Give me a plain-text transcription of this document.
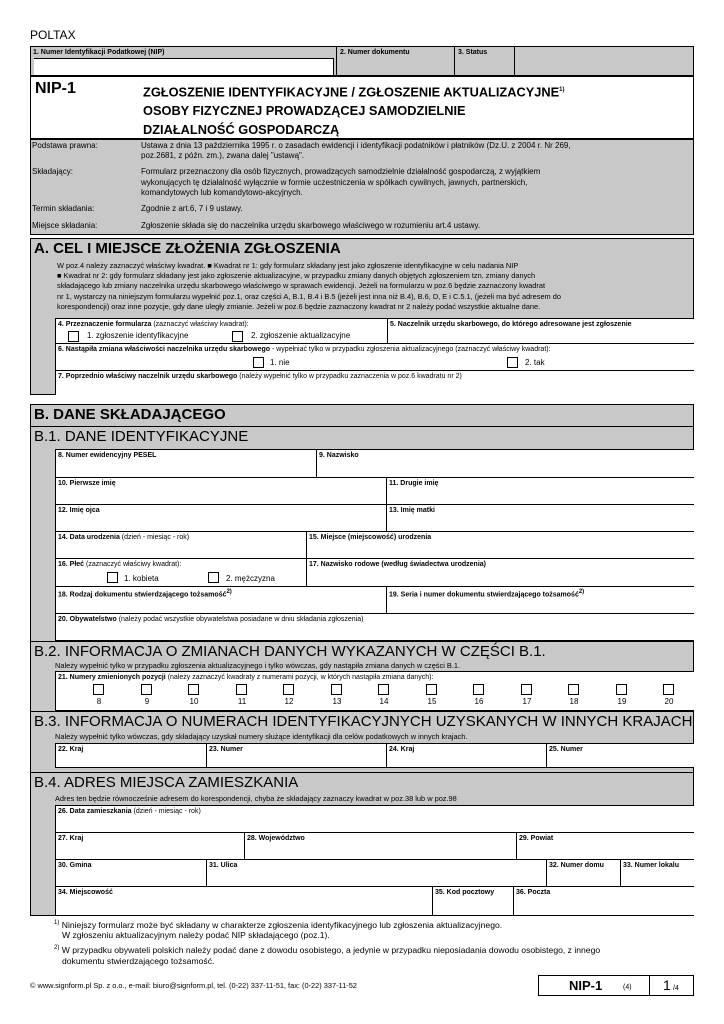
POLTAX
1. Numer Identyfikacji Podatkowej (NIP)	2. Numer dokumentu	3. Status
NIP-1	ZGŁOSZENIE IDENTYFIKACYJNE / ZGŁOSZENIE AKTUALIZACYJNE$^{1)}$
OSOBY FIZYCZNEJ PROWADZĄCEJ SAMODZIELNIE
DZIAŁALNOŚĆ GOSPODARCZĄ
Podstawa prawna:	Ustawa z dnia 13 października 1995 r. o zasadach ewidencji i identyfikacji podatników i płatników (Dz.U. z 2004 r. Nr 269,
poz.2681, z późn. zm.), zwana dalej "ustawą".
Składający:	Formularz przeznaczony dla osób fizycznych, prowadzących samodzielnie działalność gospodarczą, z wyjątkiem
wykonujących tę działalność wyłącznie w formie uczestniczenia w spółkach cywilnych, jawnych, partnerskich,
komandytowych lub komandytowo-akcyjnych.
Termin składania:	Zgodnie z art.6, 7 i 9 ustawy.
Miejsce składania:	Zgłoszenie składa się do naczelnika urzędu skarbowego właściwego w rozumieniu art.4 ustawy.
A. CEL I MIEJSCE ZŁOŻENIA ZGŁOSZENIA
W poz.4 należy zaznaczyć właściwy kwadrat. ■ Kwadrat nr 1: gdy formularz składany jest jako zgłoszenie identyfikacyjne w celu nadania NIP
■ Kwadrat nr 2: gdy formularz składany jest jako zgłoszenie aktualizacyjne, w przypadku zmiany danych objętych zgłoszeniem tzn. zmiany danych
składającego lub zmiany naczelnika urzędu skarbowego właściwego w sprawach ewidencji. Jeżeli na formularzu w poz.6 będzie zaznaczony kwadrat
nr 1, wystarczy na niniejszym formularzu wypełnić poz.1, oraz części A, B.1, B.4 i B.5 (jeżeli jest inna niż B.4), B.6, D, E i C.5.1, (jeżeli ma być adresem do
korespondencji) oraz inne pozycje, gdy dane uległy zmianie. Jeżeli w poz.6 będzie zaznaczony kwadrat nr 2 należy podać wszystkie aktualne dane.
4. Przeznaczenie formularza (zaznaczyć właściwy kwadrat):
1. zgłoszenie identyfikacyjne	2. zgłoszenie aktualizacyjne
5. Naczelnik urzędu skarbowego, do którego adresowane jest zgłoszenie
6. Nastąpiła zmiana właściwości naczelnika urzędu skarbowego - wypełniać tylko w przypadku zgłoszenia aktualizacyjnego (zaznaczyć właściwy kwadrat):
1. nie	2. tak
7. Poprzednio właściwy naczelnik urzędu skarbowego (należy wypełnić tylko w przypadku zaznaczenia w poz.6 kwadratu nr 2)
B. DANE SKŁADAJĄCEGO
B.1. DANE IDENTYFIKACYJNE
8. Numer ewidencyjny PESEL	9. Nazwisko
10. Pierwsze imię	11. Drugie imię
12. Imię ojca	13. Imię matki
14. Data urodzenia (dzień - miesiąc - rok)	15. Miejsce (miejscowość) urodzenia
16. Płeć (zaznaczyć właściwy kwadrat):
1. kobieta	2. mężczyzna
17. Nazwisko rodowe (według świadectwa urodzenia)
18. Rodzaj dokumentu stwierdzającego tożsamość2)	19. Seria i numer dokumentu stwierdzającego tożsamość2)
20. Obywatelstwo (należy podać wszystkie obywatelstwa posiadane w dniu składania zgłoszenia)
B.2. INFORMACJA O ZMIANACH DANYCH WYKAZANYCH W CZĘŚCI B.1.
Należy wypełnić tylko w przypadku zgłoszenia aktualizacyjnego i tylko wówczas, gdy nastąpiła zmiana danych w części B.1.
21. Numery zmienionych pozycji (należy zaznaczyć kwadraty z numerami pozycji, w których nastąpiła zmiana danych):
8	9	10	11	12	13	14	15	16	17	18	19	20
B.3. INFORMACJA O NUMERACH IDENTYFIKACYJNYCH UZYSKANYCH W INNYCH KRAJACH
Należy wypełnić tylko wówczas, gdy składający uzyskał numery służące identyfikacji dla celów podatkowych w innych krajach.
22. Kraj	23. Numer	24. Kraj	25. Numer
B.4. ADRES MIEJSCA ZAMIESZKANIA
Adres ten będzie równocześnie adresem do korespondencji, chyba że składający zaznaczy kwadrat w poz.38 lub w poz.98
26. Data zamieszkania (dzień - miesiąc - rok)
27. Kraj	28. Województwo	29. Powiat
30. Gmina	31. Ulica	32. Numer domu	33. Numer lokalu
34. Miejscowość	35. Kod pocztowy	36. Poczta
$^{1)}$ Niniejszy formularz może być składany w charakterze zgłoszenia identyfikacyjnego lub zgłoszenia aktualizacyjnego.
W zgłoszeniu aktualizacyjnym należy podać NIP składającego (poz.1).
$^{2)}$ W przypadku obywateli polskich należy podać dane z dowodu osobistego, a jedynie w przypadku nieposiadania dowodu osobistego, z innego
dokumentu stwierdzającego tożsamość.
© www.signform.pl Sp. z o.o., e-mail: biuro@signform.pl, tel. (0-22) 337-11-51, fax: (0-22) 337-11-52	NIP-1	(4) 1 /4
